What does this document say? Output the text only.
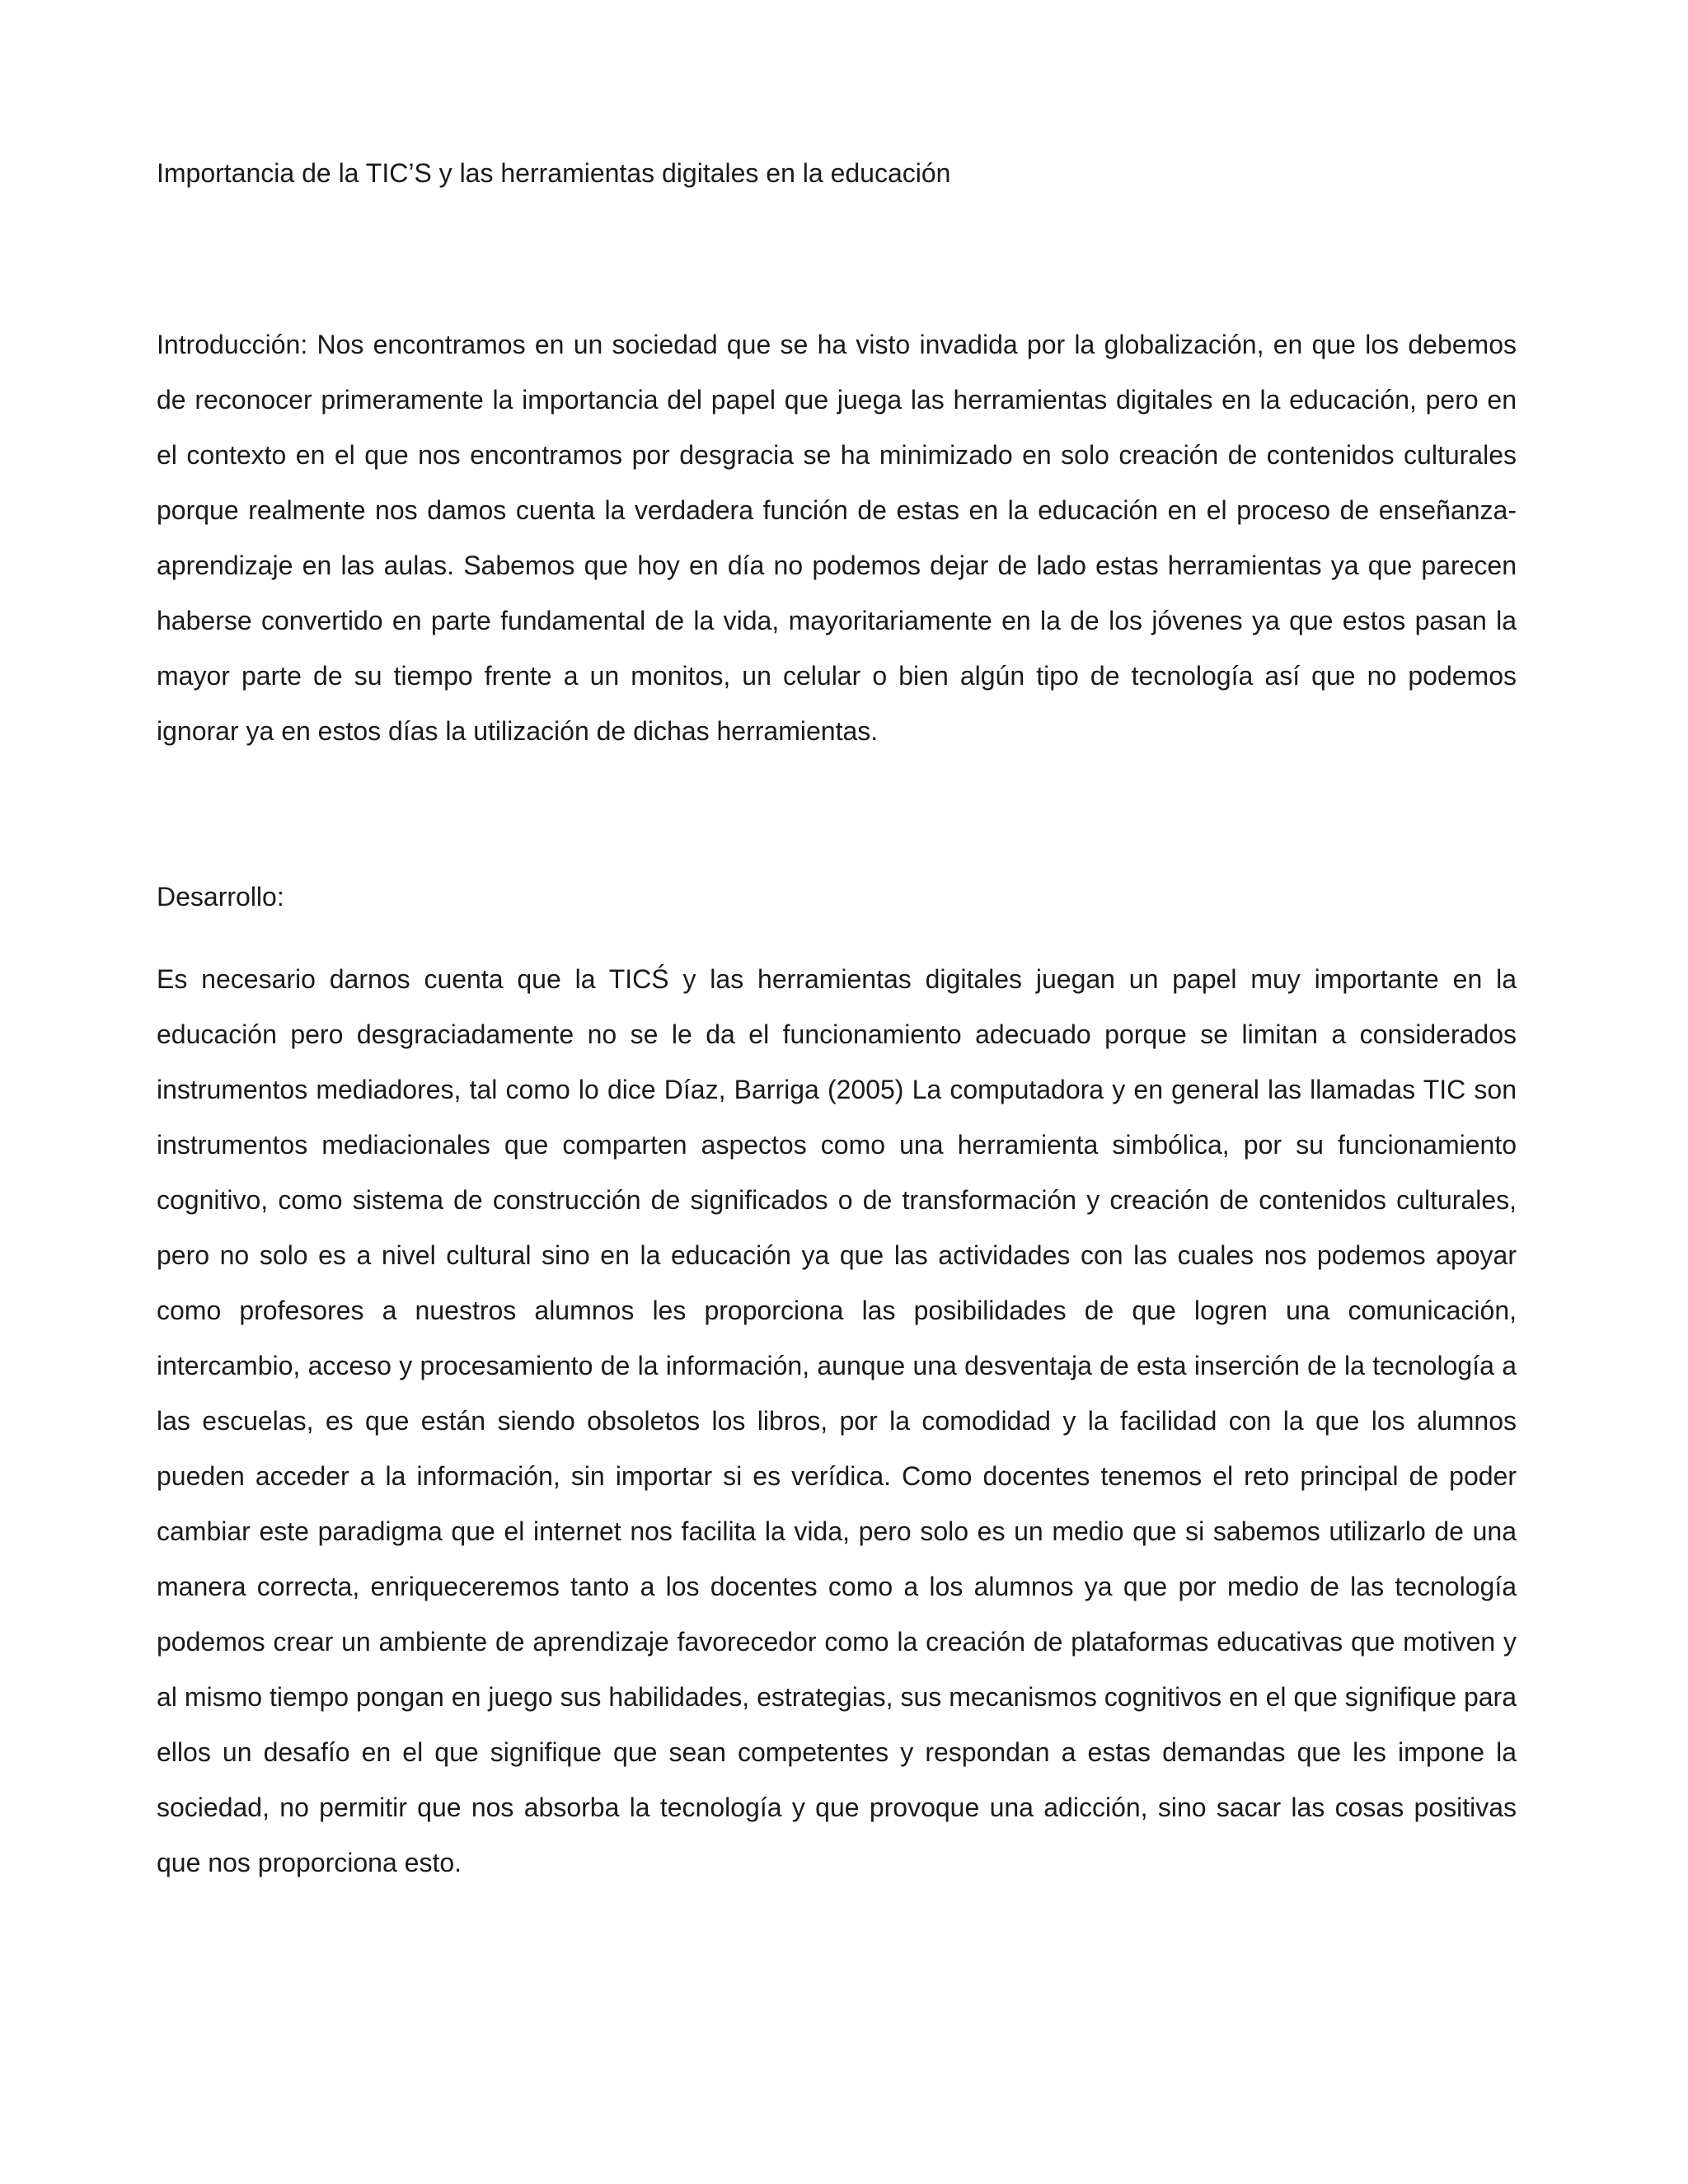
Importancia de la TIC’S y las herramientas digitales en la educación

Introducción: Nos encontramos en un sociedad que se ha visto invadida por la globalización, en que los debemos de reconocer primeramente la importancia del papel que juega las herramientas digitales en la educación, pero en el contexto en el que nos encontramos por desgracia se ha minimizado en solo creación de contenidos culturales porque realmente nos damos cuenta la verdadera función de estas en la educación en el proceso de enseñanza- aprendizaje en las aulas. Sabemos que hoy en día no podemos dejar de lado estas herramientas ya que parecen haberse convertido en parte fundamental de la vida, mayoritariamente en la de los jóvenes ya que estos pasan la mayor parte de su tiempo frente a un monitos, un celular o bien algún tipo de tecnología así que no podemos ignorar ya en estos días la utilización de dichas herramientas.

Desarrollo:

Es necesario darnos cuenta que la TICŚ y las herramientas digitales juegan un papel muy importante en la educación pero desgraciadamente no se le da el funcionamiento adecuado porque se limitan a considerados instrumentos mediadores, tal como lo dice Díaz, Barriga (2005) La computadora y en general las llamadas TIC son instrumentos mediacionales que comparten aspectos como una herramienta simbólica, por su funcionamiento cognitivo, como sistema de construcción de significados o de transformación y creación de contenidos culturales, pero no solo es a nivel cultural sino en la educación ya que las actividades con las cuales nos podemos apoyar como profesores a nuestros alumnos les proporciona las posibilidades de que logren una comunicación, intercambio, acceso y procesamiento de la información, aunque una desventaja de esta inserción de la tecnología a las escuelas, es que están siendo obsoletos los libros, por la comodidad y la facilidad con la que los alumnos pueden acceder a la información, sin importar si es verídica. Como docentes tenemos el reto principal de poder cambiar este paradigma que el internet nos facilita la vida, pero solo es un medio que si sabemos utilizarlo de una manera correcta, enriqueceremos tanto a los docentes como a los alumnos ya que por medio de las tecnología podemos crear un ambiente de aprendizaje favorecedor como la creación de plataformas educativas que motiven y al mismo tiempo pongan en juego sus habilidades, estrategias, sus mecanismos cognitivos en el que signifique para ellos un desafío en el que signifique que sean competentes y respondan a estas demandas que les impone la sociedad, no permitir que nos absorba la tecnología y que provoque una adicción, sino sacar las cosas positivas que nos proporciona esto.
